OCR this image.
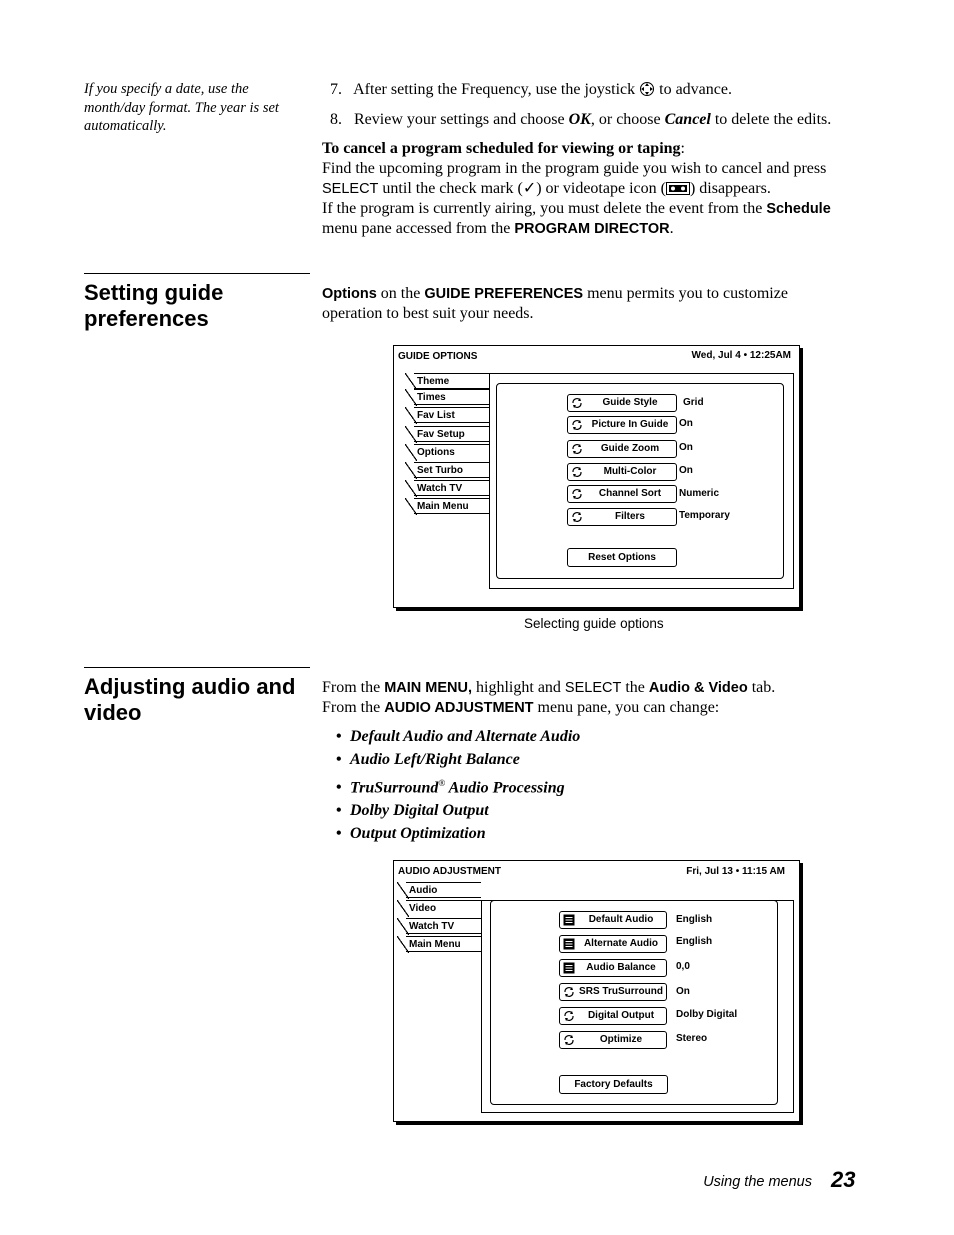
If you specify a date, use the month/day format. The year is set automatically.
7. After setting the Frequency, use the joystick to advance.
8. Review your settings and choose OK, or choose Cancel to delete the edits.
To cancel a program scheduled for viewing or taping:
Find the upcoming program in the program guide you wish to cancel and press
SELECT until the check mark (✓) or videotape icon ( ) disappears.
If the program is currently airing, you must delete the event from the Schedule
menu pane accessed from the PROGRAM DIRECTOR.
Setting guide
preferences
Options on the GUIDE PREFERENCES menu permits you to customize
operation to best suit your needs.
GUIDE OPTIONS	Wed, Jul 4 • 12:25AM
Theme
Times
Fav List
Fav Setup
Options
Set Turbo
Watch TV
Main Menu
Guide Style	Grid
Picture In Guide	On
Guide Zoom	On
Multi-Color	On
Channel Sort	Numeric
Filters	Temporary
Reset Options
Selecting guide options
Adjusting audio and
video
From the MAIN MENU, highlight and SELECT the Audio & Video tab.
From the AUDIO ADJUSTMENT menu pane, you can change:
• Default Audio and Alternate Audio
• Audio Left/Right Balance
• TruSurround® Audio Processing
• Dolby Digital Output
• Output Optimization
AUDIO ADJUSTMENT	Fri, Jul 13 • 11:15 AM
Audio
Video
Watch TV
Main Menu
Default Audio	English
Alternate Audio	English
Audio Balance	0,0
SRS TruSurround On
Digital Output	Dolby Digital
Optimize	Stereo
Factory Defaults
Using the menus 23
